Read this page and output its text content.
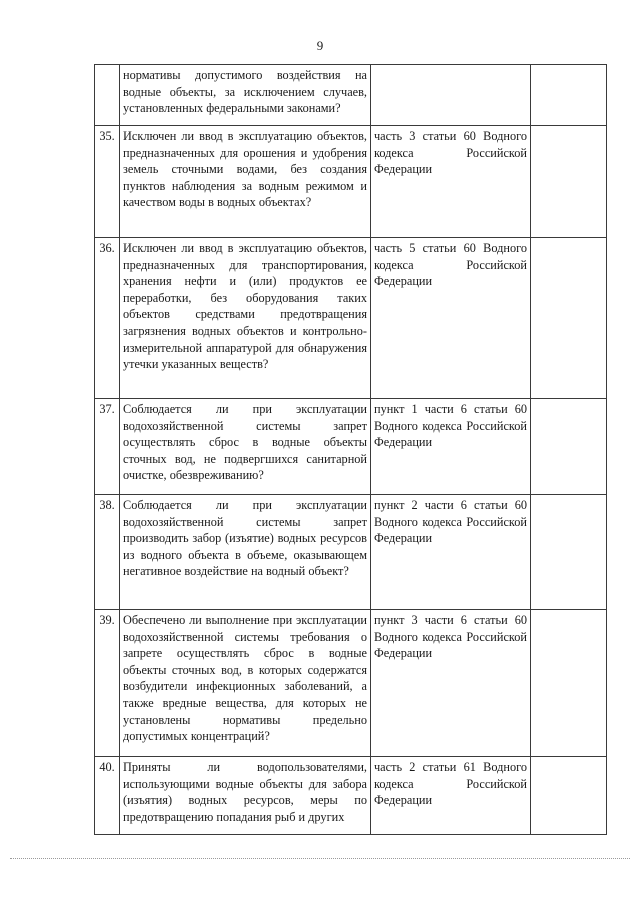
9
	нормативы допустимого воздействия на водные объекты, за исключением случаев, установленных федеральными законами?		
35.	Исключен ли ввод в эксплуатацию объектов, предназначенных для орошения и удобрения земель сточными водами, без создания пунктов наблюдения за водным режимом и качеством воды в водных объектах?	часть 3 статьи 60 Водного кодекса Российской Федерации	
36.	Исключен ли ввод в эксплуатацию объектов, предназначенных для транспортирования, хранения нефти и (или) продуктов ее переработки, без оборудования таких объектов средствами предотвращения загрязнения водных объектов и контрольно-измерительной аппаратурой для обнаружения утечки указанных веществ?	часть 5 статьи 60 Водного кодекса Российской Федерации	
37.	Соблюдается ли при эксплуатации водохозяйственной системы запрет осуществлять сброс в водные объекты сточных вод, не подвергшихся санитарной очистке, обезвреживанию?	пункт 1 части 6 статьи 60 Водного кодекса Российской Федерации	
38.	Соблюдается ли при эксплуатации водохозяйственной системы запрет производить забор (изъятие) водных ресурсов из водного объекта в объеме, оказывающем негативное воздействие на водный объект?	пункт 2 части 6 статьи 60 Водного кодекса Российской Федерации	
39.	Обеспечено ли выполнение при эксплуатации водохозяйственной системы требования о запрете осуществлять сброс в водные объекты сточных вод, в которых содержатся возбудители инфекционных заболеваний, а также вредные вещества, для которых не установлены нормативы предельно допустимых концентраций?	пункт 3 части 6 статьи 60 Водного кодекса Российской Федерации	
40.	Приняты ли водопользователями, использующими водные объекты для забора (изъятия) водных ресурсов, меры по предотвращению попадания рыб и других	часть 2 статьи 61 Водного кодекса Российской Федерации	
